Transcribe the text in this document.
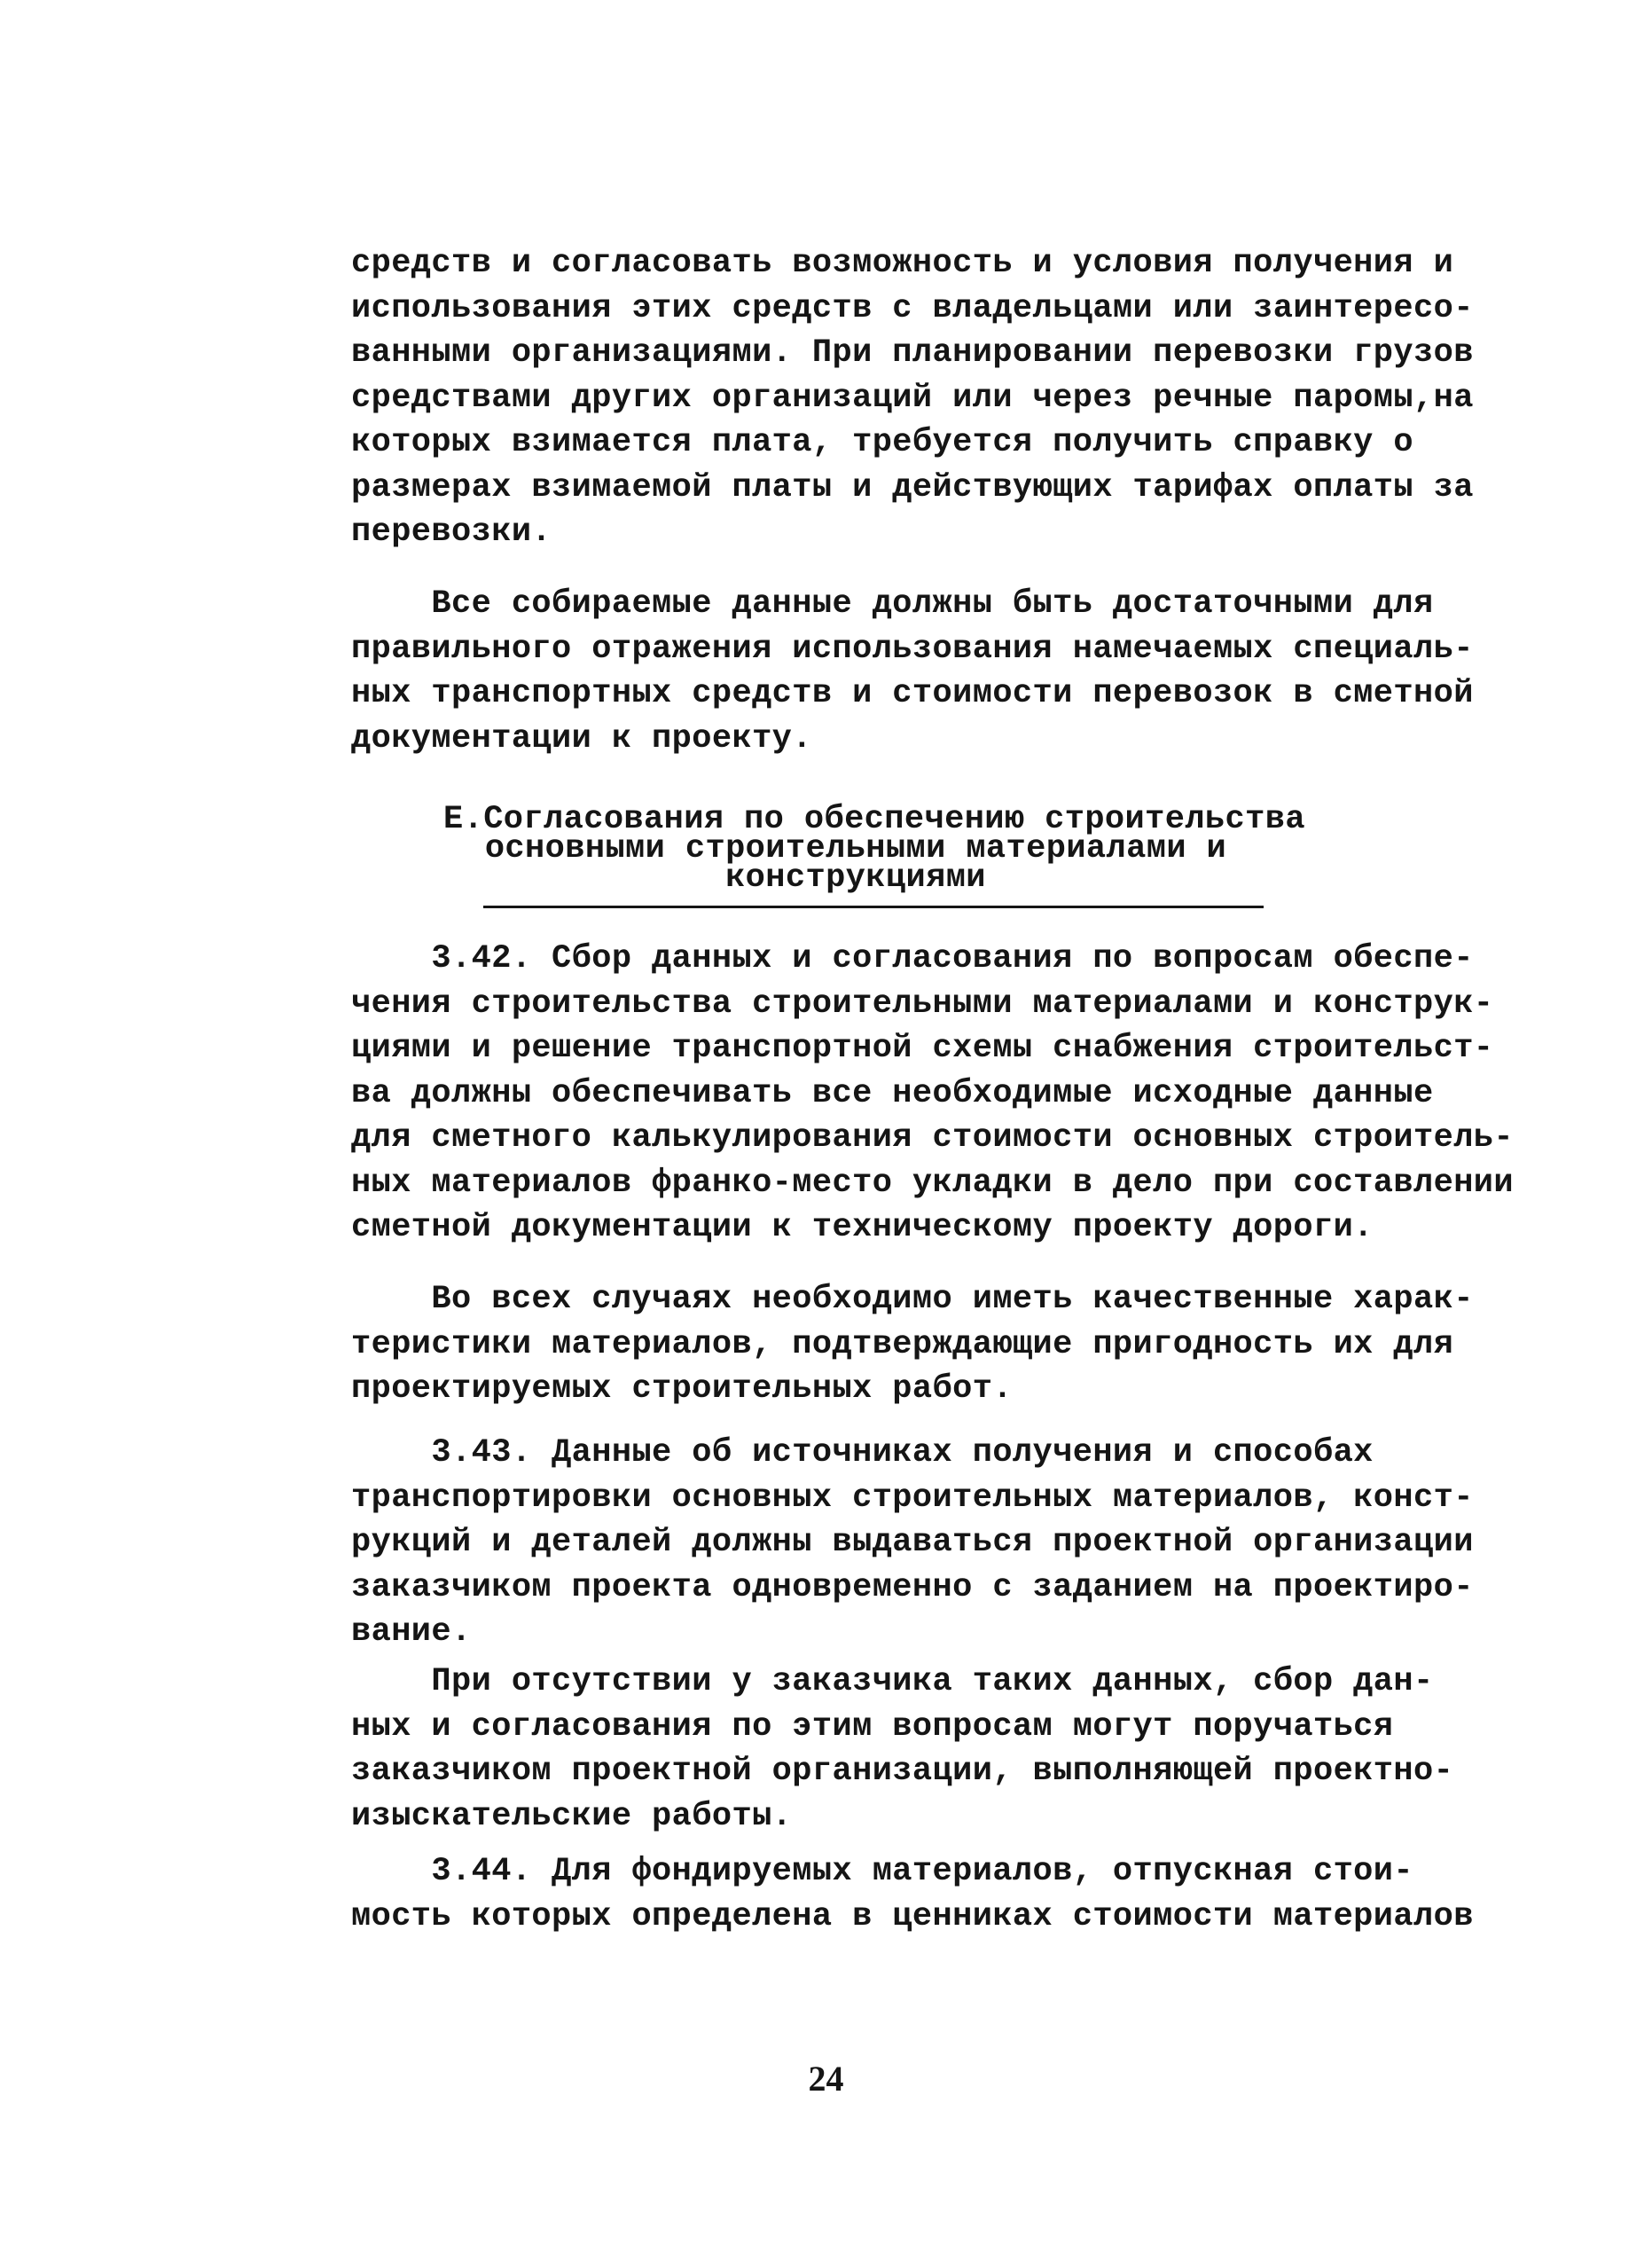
средств и согласовать возможность и условия получения и
использования этих средств с владельцами или заинтересо-
ванными организациями. При планировании перевозки грузов
средствами других организаций или через речные паромы,на
которых взимается плата, требуется получить справку о
размерах взимаемой платы и действующих тарифах оплаты за
перевозки.
Все собираемые данные должны быть достаточными для
правильного отражения использования намечаемых специаль-
ных транспортных средств и стоимости перевозок в сметной
документации к проекту.
Е.Согласования по обеспечению строительства
основными строительными материалами и
конструкциями
3.42. Сбор данных и согласования по вопросам обеспе-
чения строительства строительными материалами и конструк-
циями и решение транспортной схемы снабжения строительст-
ва должны обеспечивать все необходимые исходные данные
для сметного калькулирования стоимости основных строитель-
ных материалов франко-место укладки в дело при составлении
сметной документации к техническому проекту дороги.
Во всех случаях необходимо иметь качественные харак-
теристики материалов, подтверждающие пригодность их для
проектируемых строительных работ.
3.43. Данные об источниках получения и способах
транспортировки основных строительных материалов, конст-
рукций и деталей должны выдаваться проектной организации
заказчиком проекта одновременно с заданием на проектиро-
вание.
При отсутствии у заказчика таких данных, сбор дан-
ных и согласования по этим вопросам могут поручаться
заказчиком проектной организации, выполняющей проектно-
изыскательские работы.
3.44. Для фондируемых материалов, отпускная стои-
мость которых определена в ценниках стоимости материалов
24
